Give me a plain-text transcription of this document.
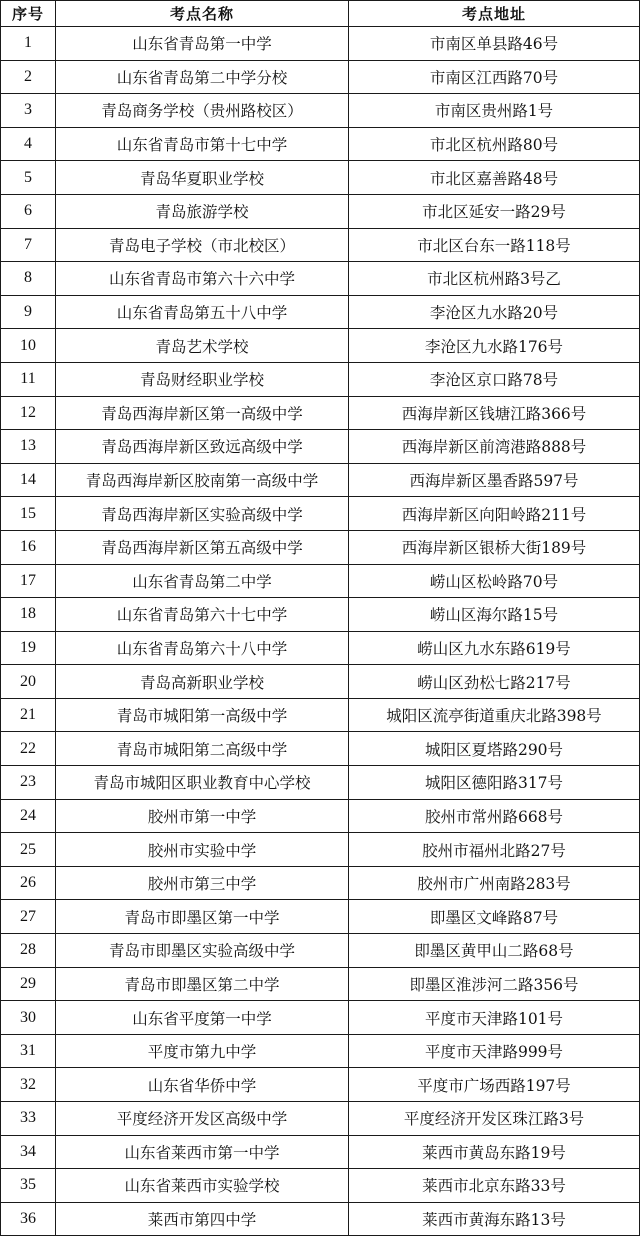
序号	考点名称	考点地址
1	山东省青岛第一中学	市南区单县路46号
2	山东省青岛第二中学分校	市南区江西路70号
3	青岛商务学校（贵州路校区）	市南区贵州路1号
4	山东省青岛市第十七中学	市北区杭州路80号
5	青岛华夏职业学校	市北区嘉善路48号
6	青岛旅游学校	市北区延安一路29号
7	青岛电子学校（市北校区）	市北区台东一路118号
8	山东省青岛市第六十六中学	市北区杭州路3号乙
9	山东省青岛第五十八中学	李沧区九水路20号
10	青岛艺术学校	李沧区九水路176号
11	青岛财经职业学校	李沧区京口路78号
12	青岛西海岸新区第一高级中学	西海岸新区钱塘江路366号
13	青岛西海岸新区致远高级中学	西海岸新区前湾港路888号
14	青岛西海岸新区胶南第一高级中学	西海岸新区墨香路597号
15	青岛西海岸新区实验高级中学	西海岸新区向阳岭路211号
16	青岛西海岸新区第五高级中学	西海岸新区银桥大街189号
17	山东省青岛第二中学	崂山区松岭路70号
18	山东省青岛第六十七中学	崂山区海尔路15号
19	山东省青岛第六十八中学	崂山区九水东路619号
20	青岛高新职业学校	崂山区劲松七路217号
21	青岛市城阳第一高级中学	城阳区流亭街道重庆北路398号
22	青岛市城阳第二高级中学	城阳区夏塔路290号
23	青岛市城阳区职业教育中心学校	城阳区德阳路317号
24	胶州市第一中学	胶州市常州路668号
25	胶州市实验中学	胶州市福州北路27号
26	胶州市第三中学	胶州市广州南路283号
27	青岛市即墨区第一中学	即墨区文峰路87号
28	青岛市即墨区实验高级中学	即墨区黄甲山二路68号
29	青岛市即墨区第二中学	即墨区淮涉河二路356号
30	山东省平度第一中学	平度市天津路101号
31	平度市第九中学	平度市天津路999号
32	山东省华侨中学	平度市广场西路197号
33	平度经济开发区高级中学	平度经济开发区珠江路3号
34	山东省莱西市第一中学	莱西市黄岛东路19号
35	山东省莱西市实验学校	莱西市北京东路33号
36	莱西市第四中学	莱西市黄海东路13号
